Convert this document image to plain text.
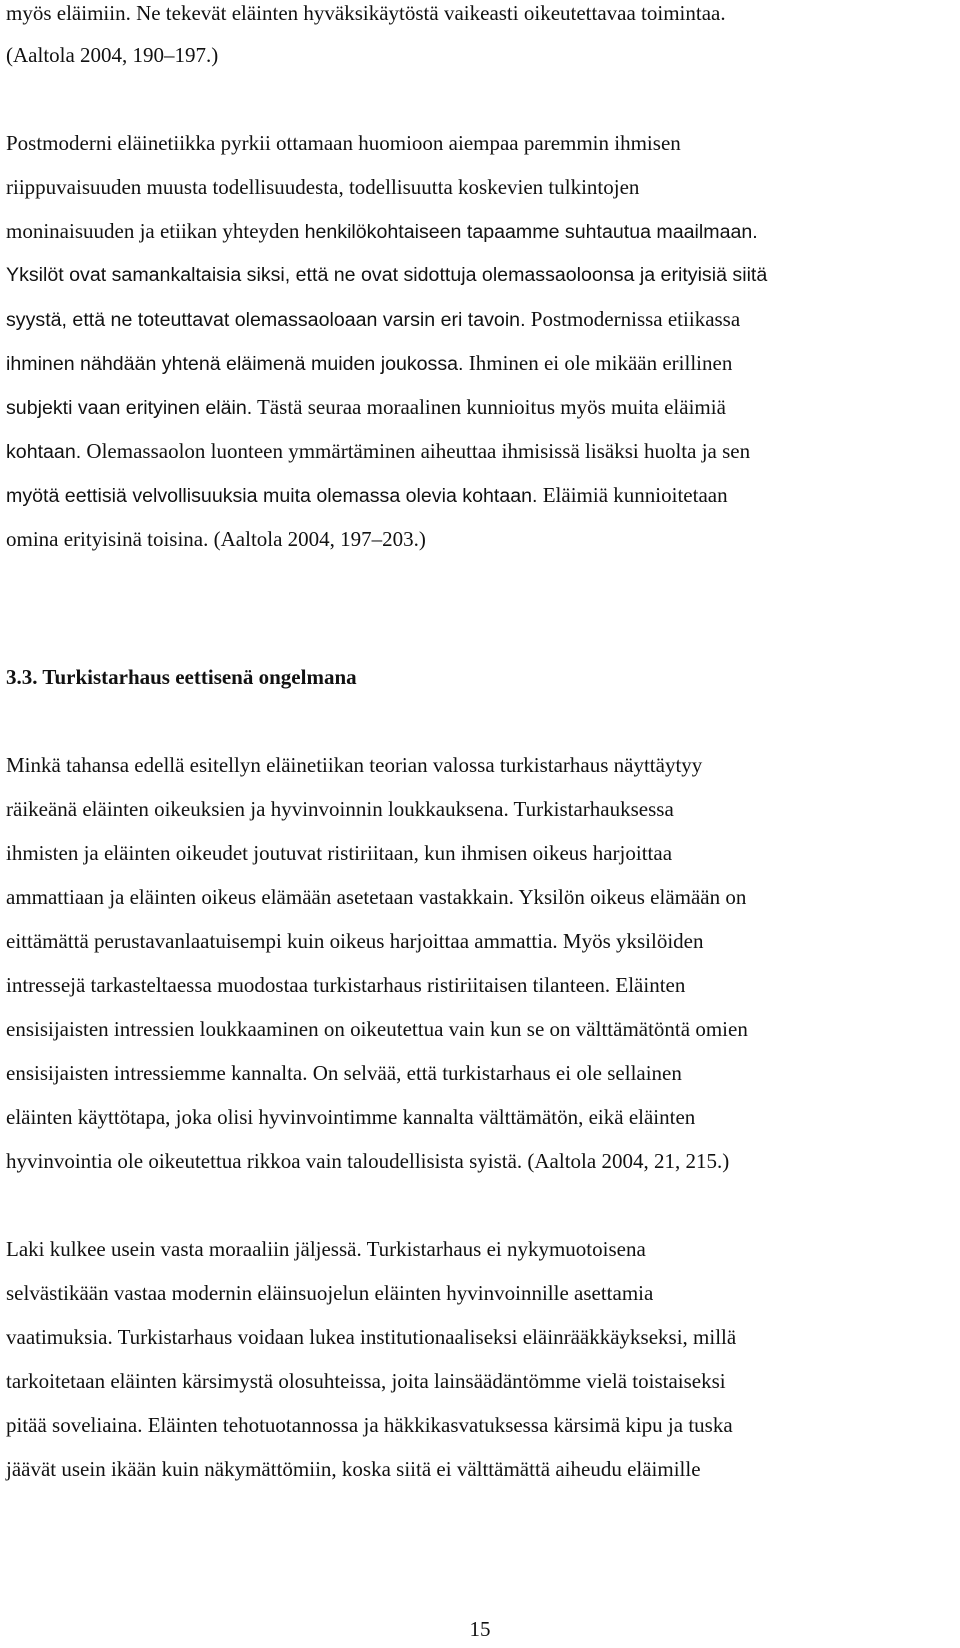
myös eläimiin. Ne tekevät eläinten hyväksikäytöstä vaikeasti oikeutettavaa toimintaa.
(Aaltola 2004, 190–197.)
Postmoderni eläinetiikka pyrkii ottamaan huomioon aiempaa paremmin ihmisen
riippuvaisuuden muusta todellisuudesta, todellisuutta koskevien tulkintojen
moninaisuuden ja etiikan yhteyden henkilökohtaiseen tapaamme suhtautua maailmaan.
Yksilöt ovat samankaltaisia siksi, että ne ovat sidottuja olemassaoloonsa ja erityisiä siitä
syystä, että ne toteuttavat olemassaoloaan varsin eri tavoin. Postmodernissa etiikassa
ihminen nähdään yhtenä eläimenä muiden joukossa. Ihminen ei ole mikään erillinen
subjekti vaan erityinen eläin. Tästä seuraa moraalinen kunnioitus myös muita eläimiä
kohtaan. Olemassaolon luonteen ymmärtäminen aiheuttaa ihmisissä lisäksi huolta ja sen
myötä eettisiä velvollisuuksia muita olemassa olevia kohtaan. Eläimiä kunnioitetaan
omina erityisinä toisina. (Aaltola 2004, 197–203.)
3.3. Turkistarhaus eettisenä ongelmana
Minkä tahansa edellä esitellyn eläinetiikan teorian valossa turkistarhaus näyttäytyy
räikeänä eläinten oikeuksien ja hyvinvoinnin loukkauksena. Turkistarhauksessa
ihmisten ja eläinten oikeudet joutuvat ristiriitaan, kun ihmisen oikeus harjoittaa
ammattiaan ja eläinten oikeus elämään asetetaan vastakkain. Yksilön oikeus elämään on
eittämättä perustavanlaatuisempi kuin oikeus harjoittaa ammattia. Myös yksilöiden
intressejä tarkasteltaessa muodostaa turkistarhaus ristiriitaisen tilanteen. Eläinten
ensisijaisten intressien loukkaaminen on oikeutettua vain kun se on välttämätöntä omien
ensisijaisten intressiemme kannalta. On selvää, että turkistarhaus ei ole sellainen
eläinten käyttötapa, joka olisi hyvinvointimme kannalta välttämätön, eikä eläinten
hyvinvointia ole oikeutettua rikkoa vain taloudellisista syistä. (Aaltola 2004, 21, 215.)
Laki kulkee usein vasta moraaliin jäljessä. Turkistarhaus ei nykymuotoisena
selvästikään vastaa modernin eläinsuojelun eläinten hyvinvoinnille asettamia
vaatimuksia. Turkistarhaus voidaan lukea institutionaaliseksi eläinrääkkäykseksi, millä
tarkoitetaan eläinten kärsimystä olosuhteissa, joita lainsäädäntömme vielä toistaiseksi
pitää soveliaina. Eläinten tehotuotannossa ja häkkikasvatuksessa kärsimä kipu ja tuska
jäävät usein ikään kuin näkymättömiin, koska siitä ei välttämättä aiheudu eläimille
15
